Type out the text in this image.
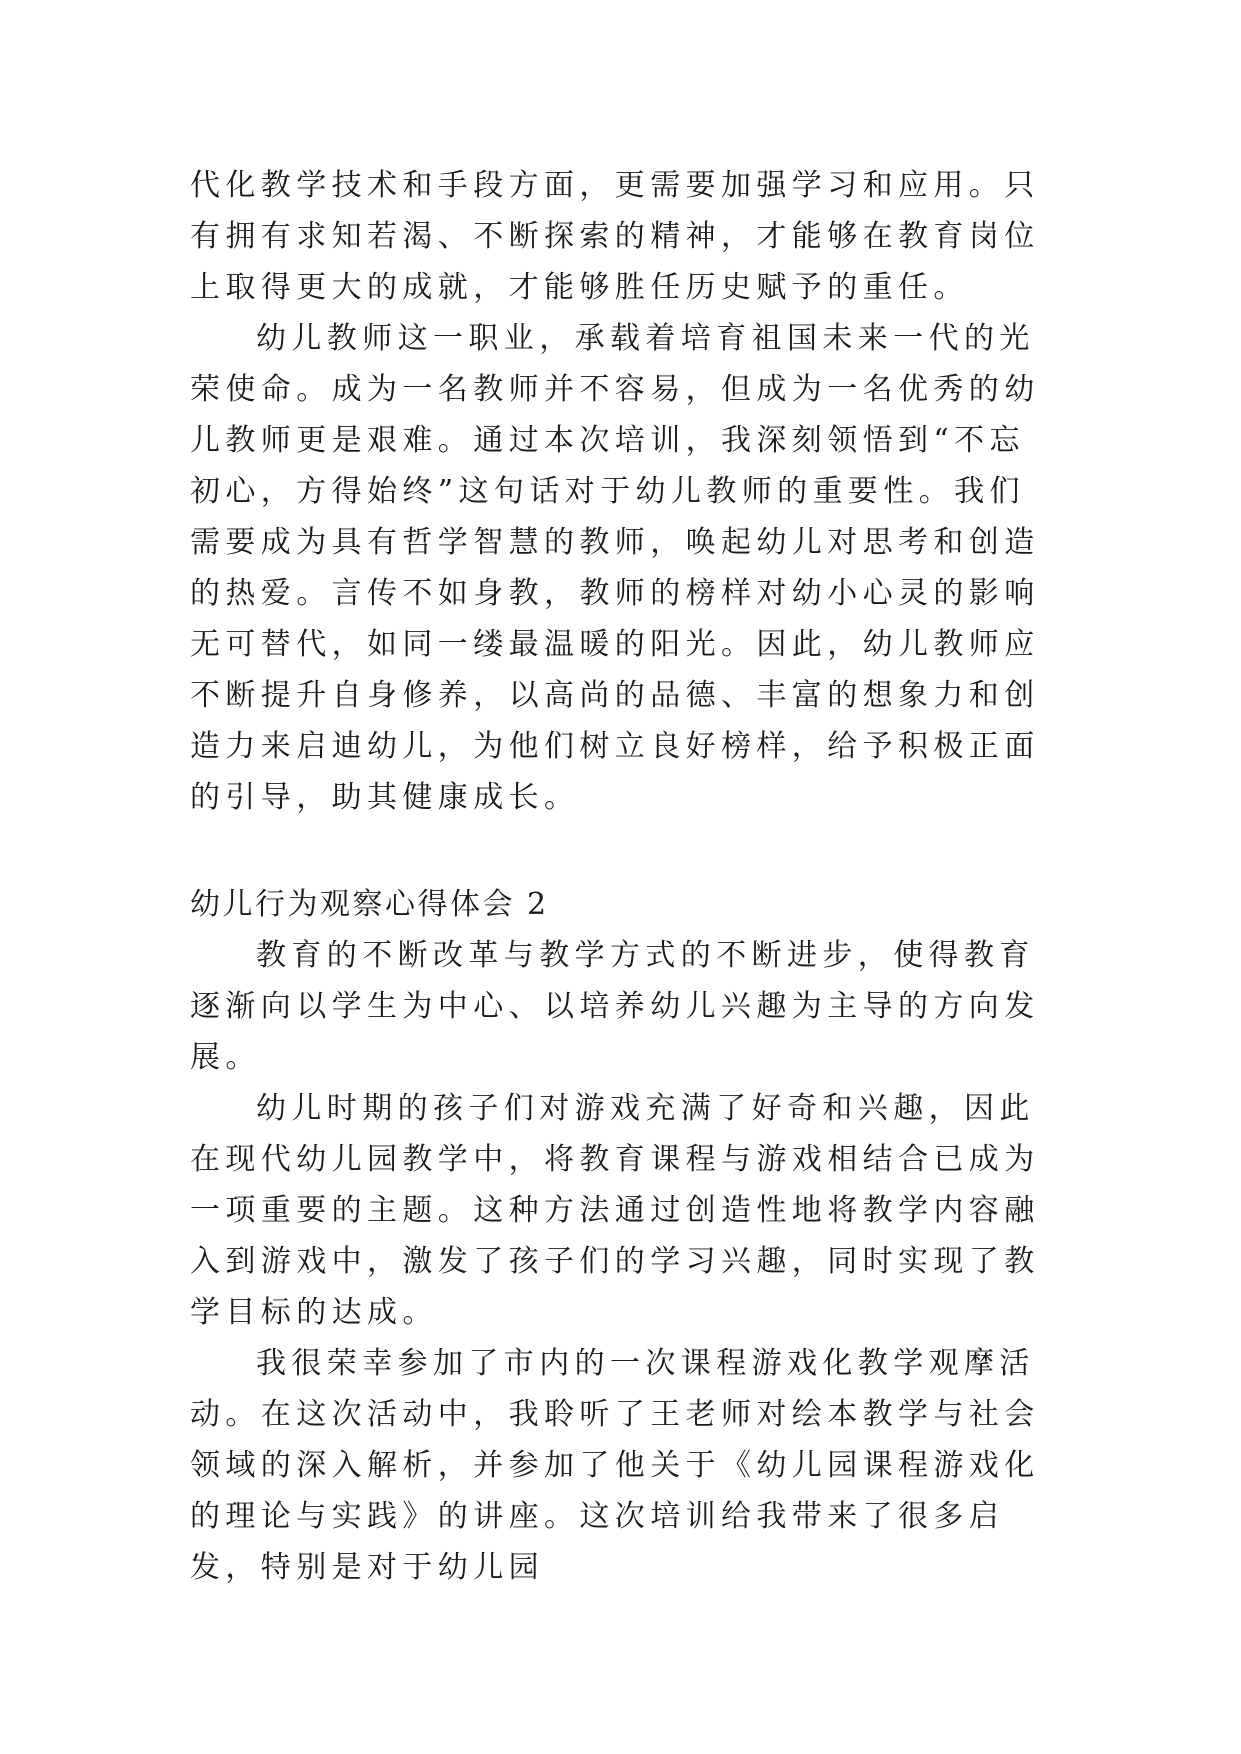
代化教学技术和手段方面，更需要加强学习和应用。只有拥有求知若渴、不断探索的精神，才能够在教育岗位上取得更大的成就，才能够胜任历史赋予的重任。

幼儿教师这一职业，承载着培育祖国未来一代的光荣使命。成为一名教师并不容易，但成为一名优秀的幼儿教师更是艰难。通过本次培训，我深刻领悟到“不忘初心，方得始终”这句话对于幼儿教师的重要性。我们需要成为具有哲学智慧的教师，唤起幼儿对思考和创造的热爱。言传不如身教，教师的榜样对幼小心灵的影响无可替代，如同一缕最温暖的阳光。因此，幼儿教师应不断提升自身修养，以高尚的品德、丰富的想象力和创造力来启迪幼儿，为他们树立良好榜样，给予积极正面的引导，助其健康成长。

幼儿行为观察心得体会 2

教育的不断改革与教学方式的不断进步，使得教育逐渐向以学生为中心、以培养幼儿兴趣为主导的方向发展。

幼儿时期的孩子们对游戏充满了好奇和兴趣，因此在现代幼儿园教学中，将教育课程与游戏相结合已成为一项重要的主题。这种方法通过创造性地将教学内容融入到游戏中，激发了孩子们的学习兴趣，同时实现了教学目标的达成。

我很荣幸参加了市内的一次课程游戏化教学观摩活动。在这次活动中，我聆听了王老师对绘本教学与社会领域的深入解析，并参加了他关于《幼儿园课程游戏化的理论与实践》的讲座。这次培训给我带来了很多启发，特别是对于幼儿园
